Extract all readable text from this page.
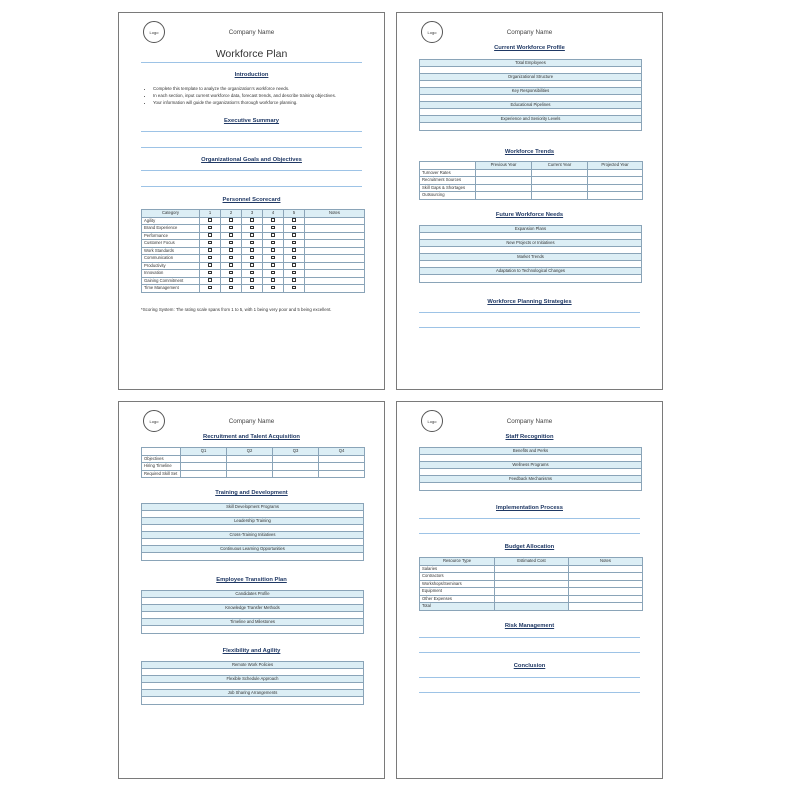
Logo	Company Name
Workforce Plan
Introduction
• Complete this template to analyze the organization's workforce needs.
• In each section, input current workforce data, forecast trends, and describe training objectives.
• Your information will guide the organization's thorough workforce planning.
Executive Summary
Organizational Goals and Objectives
Personnel Scorecard
Category	1	2	3	4	5	Notes
Agility						
Brand Experience						
Performance						
Customer Focus						
Work Standards						
Communication						
Productivity						
Innovation						
Gaining Commitment						
Time Management						
*Scoring System: The rating scale spans from 1 to 5, with 1 being very poor and 5 being excellent.
Logo	Company Name
Current Workforce Profile
Total Employees
Organizational Structure
Key Responsibilities
Educational Pipelines
Experience and Seniority Levels
Workforce Trends
	Previous Year	Current Year	Projected Year
Turnover Rates			
Recruitment Sources			
Skill Gaps & Shortages			
Outsourcing			
Future Workforce Needs
Expansion Plans
New Projects or Initiatives
Market Trends
Adaptation to Technological Changes
Workforce Planning Strategies
Logo	Company Name
Recruitment and Talent Acquisition
	Q1	Q2	Q3	Q4
Objectives				
Hiring Timeline				
Required Skill Set				
Training and Development
Skill Development Programs
Leadership Training
Cross-Training Initiatives
Continuous Learning Opportunities
Employee Transition Plan
Candidates Profile
Knowledge Transfer Methods
Timeline and Milestones
Flexibility and Agility
Remote Work Policies
Flexible Schedule Approach
Job Sharing Arrangements
Logo	Company Name
Staff Recognition
Benefits and Perks
Wellness Programs
Feedback Mechanisms
Implementation Process
Budget Allocation
Resource Type	Estimated Cost	Notes
Salaries		
Contractors		
Workshops/Seminars		
Equipment		
Other Expenses		
Total		
Risk Management
Conclusion
